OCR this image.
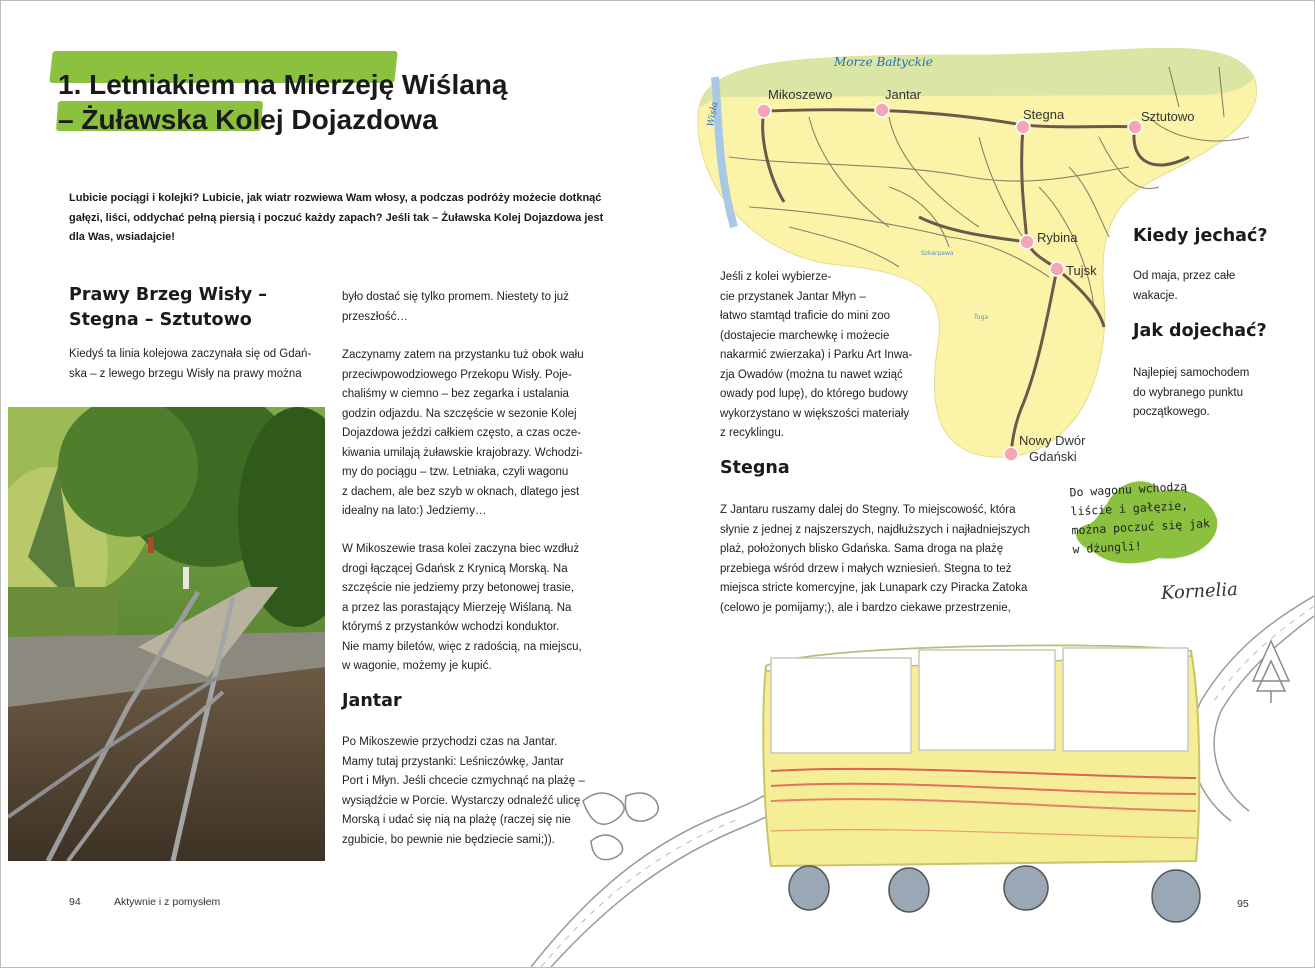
1. Letniakiem na Mierzeję Wiślaną
– Żuławska Kolej Dojazdowa

Lubicie pociągi i kolejki? Lubicie, jak wiatr rozwiewa Wam włosy, a podczas podróży możecie dotknąć gałęzi, liści, oddychać pełną piersią i poczuć każdy zapach? Jeśli tak – Żuławska Kolej Dojazdowa jest dla Was, wsiadajcie!

Prawy Brzeg Wisły –
Stegna – Sztutowo

Kiedyś ta linia kolejowa zaczynała się od Gdań-
ska – z lewego brzegu Wisły na prawy można

było dostać się tylko promem. Niestety to już
przeszłość…
Zaczynamy zatem na przystanku tuż obok wału
przeciwpowodziowego Przekopu Wisły. Poje-
chaliśmy w ciemno – bez zegarka i ustalania
godzin odjazdu. Na szczęście w sezonie Kolej
Dojazdowa jeździ całkiem często, a czas ocze-
kiwania umilają żuławskie krajobrazy. Wchodzi-
my do pociągu – tzw. Letniaka, czyli wagonu
z dachem, ale bez szyb w oknach, dlatego jest
idealny na lato:) Jedziemy…
W Mikoszewie trasa kolei zaczyna biec wzdłuż
drogi łączącej Gdańsk z Krynicą Morską. Na
szczęście nie jedziemy przy betonowej trasie,
a przez las porastający Mierzeję Wiślaną. Na
którymś z przystanków wchodzi konduktor.
Nie mamy biletów, więc z radością, na miejscu,
w wagonie, możemy je kupić.
Jantar
Po Mikoszewie przychodzi czas na Jantar.
Mamy tutaj przystanki: Leśniczówkę, Jantar
Port i Młyn. Jeśli chcecie czmychnąć na plażę –
wysiądźcie w Porcie. Wystarczy odnaleźć ulicę
Morską i udać się nią na plażę (raczej się nie
zgubicie, bo pewnie nie będziecie sami;)).
Morze Bałtyckie
Wisła
Szkarpawa
Tuga
Mikoszewo	Jantar
Stegna	Sztutowo
Rybina
Tujsk
Nowy Dwór
Gdański
Jeśli z kolei wybierze-
cie przystanek Jantar Młyn –
łatwo stamtąd traficie do mini zoo
(dostajecie marchewkę i możecie
nakarmić zwierzaka) i Parku Art Inwa-
zja Owadów (można tu nawet wziąć
owady pod lupę), do którego budowy
wykorzystano w większości materiały
z recyklingu.
Stegna
Z Jantaru ruszamy dalej do Stegny. To miejscowość, która
słynie z jednej z najszerszych, najdłuższych i najładniejszych
plaż, położonych blisko Gdańska. Sama droga na plażę
przebiega wśród drzew i małych wzniesień. Stegna to też
miejsca stricte komercyjne, jak Lunapark czy Piracka Zatoka
(celowo je pomijamy;), ale i bardzo ciekawe przestrzenie,
Kiedy jechać?
Od maja, przez całe
wakacje.
Jak dojechać?
Najlepiej samochodem
do wybranego punktu
początkowego.
Do wagonu wchodzą
liście i gałęzie,
można poczuć się jak
w dżungli!
Kornelia
94	Aktywnie i z pomysłem	95
